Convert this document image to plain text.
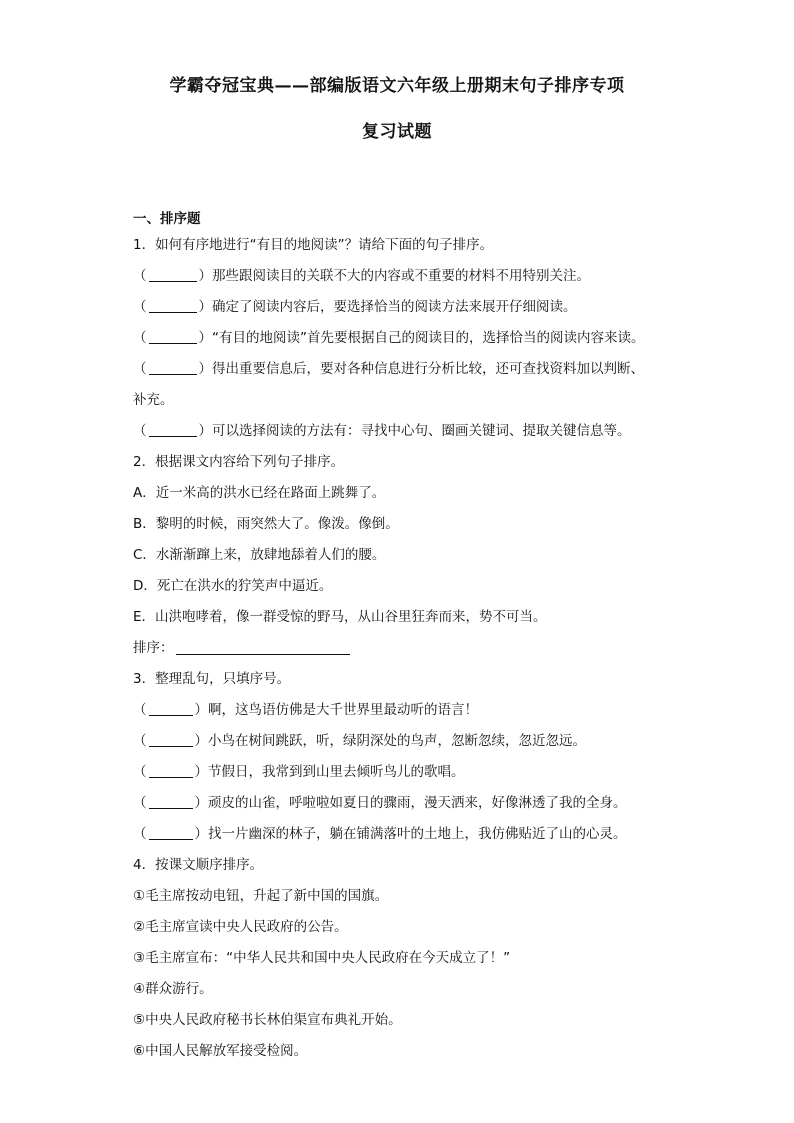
学霸夺冠宝典——部编版语文六年级上册期末句子排序专项
复习试题
一、排序题
1．如何有序地进行“有目的地阅读”？请给下面的句子排序。
（	）那些跟阅读目的关联不大的内容或不重要的材料不用特别关注。
（	）确定了阅读内容后，要选择恰当的阅读方法来展开仔细阅读。
（	）“有目的地阅读”首先要根据自己的阅读目的，选择恰当的阅读内容来读。
（	）得出重要信息后，要对各种信息进行分析比较，还可查找资料加以判断、
补充。
（	）可以选择阅读的方法有：寻找中心句、圈画关键词、提取关键信息等。
2．根据课文内容给下列句子排序。
A．近一米高的洪水已经在路面上跳舞了。
B．黎明的时候，雨突然大了。像泼。像倒。
C．水渐渐蹿上来，放肆地舔着人们的腰。
D．死亡在洪水的狞笑声中逼近。
E．山洪咆哮着，像一群受惊的野马，从山谷里狂奔而来，势不可当。
排序：
3．整理乱句，只填序号。
（	）啊，这鸟语仿佛是大千世界里最动听的语言！
（	）小鸟在树间跳跃，听，绿阴深处的鸟声，忽断忽续，忽近忽远。
（	）节假日，我常到到山里去倾听鸟儿的歌唱。
（	）顽皮的山雀，呼啦啦如夏日的骤雨，漫天洒来，好像淋透了我的全身。
（	）找一片幽深的林子，躺在铺满落叶的土地上，我仿佛贴近了山的心灵。
4．按课文顺序排序。
①毛主席按动电钮，升起了新中国的国旗。
②毛主席宣读中央人民政府的公告。
③毛主席宣布：“中华人民共和国中央人民政府在今天成立了！”
④群众游行。
⑤中央人民政府秘书长林伯渠宣布典礼开始。
⑥中国人民解放军接受检阅。
